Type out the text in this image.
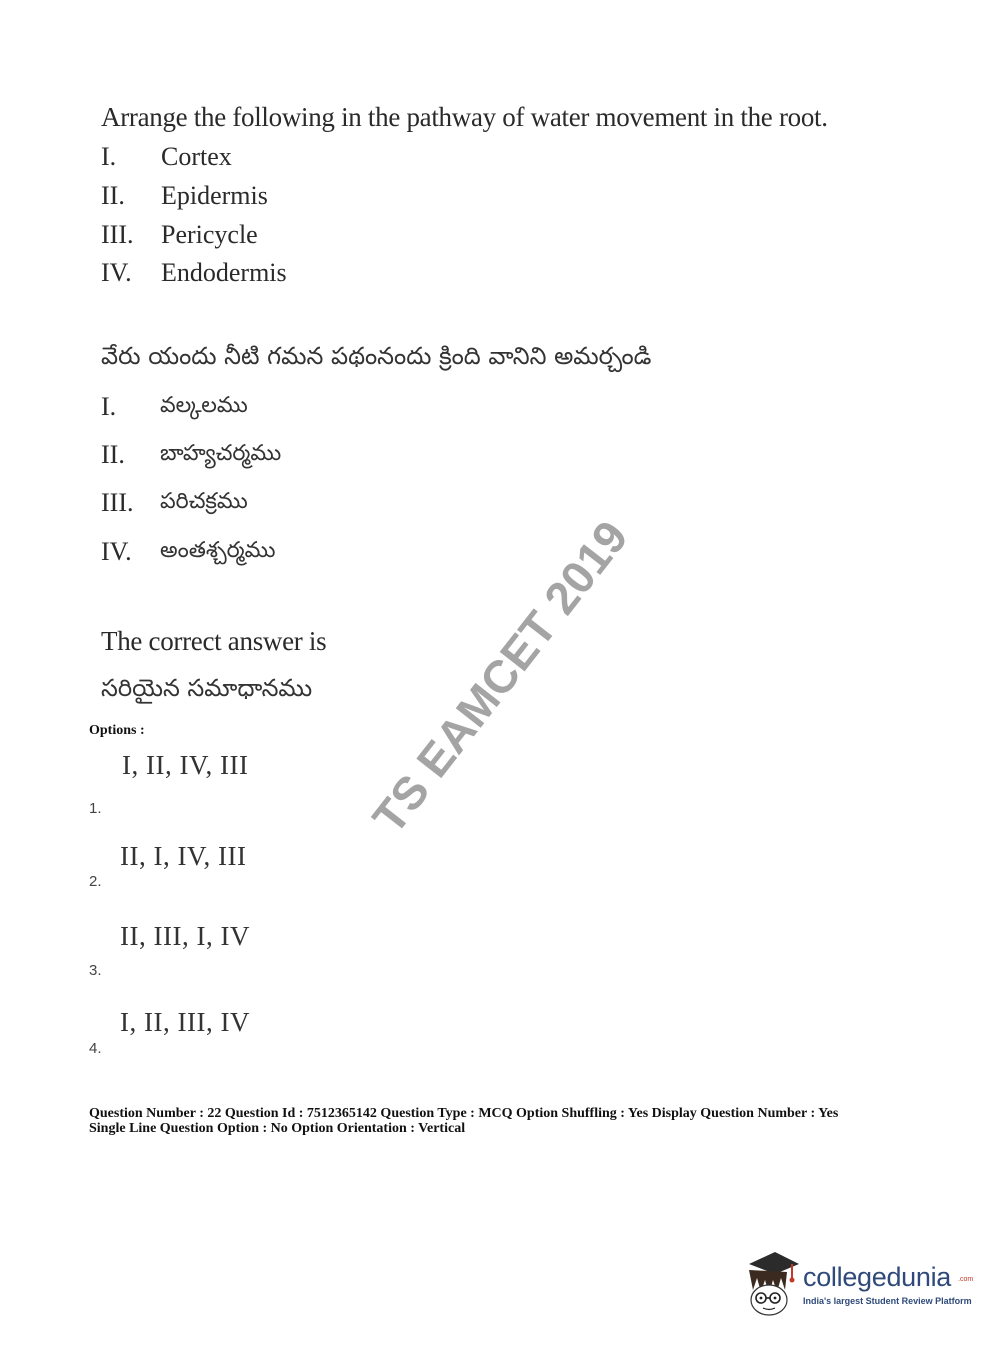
Arrange the following in the pathway of water movement in the root.
I. Cortex
II. Epidermis
III. Pericycle
IV. Endodermis
వేరు యందు నీటి గమన పథంనందు క్రింది వానిని అమర్చండి
I. వల్కలము
II. బాహ్యచర్మము
III. పరిచక్రము
IV. అంతశ్చర్మము
The correct answer is
సరియైన సమాధానము
Options :
I, II, IV, III
1.
II, I, IV, III
2.
II, III, I, IV
3.
I, II, III, IV
4.
Question Number : 22 Question Id : 7512365142 Question Type : MCQ Option Shuffling : Yes Display Question Number : Yes
Single Line Question Option : No Option Orientation : Vertical
TS EAMCET 2019
collegedunia .com
India's largest Student Review Platform
